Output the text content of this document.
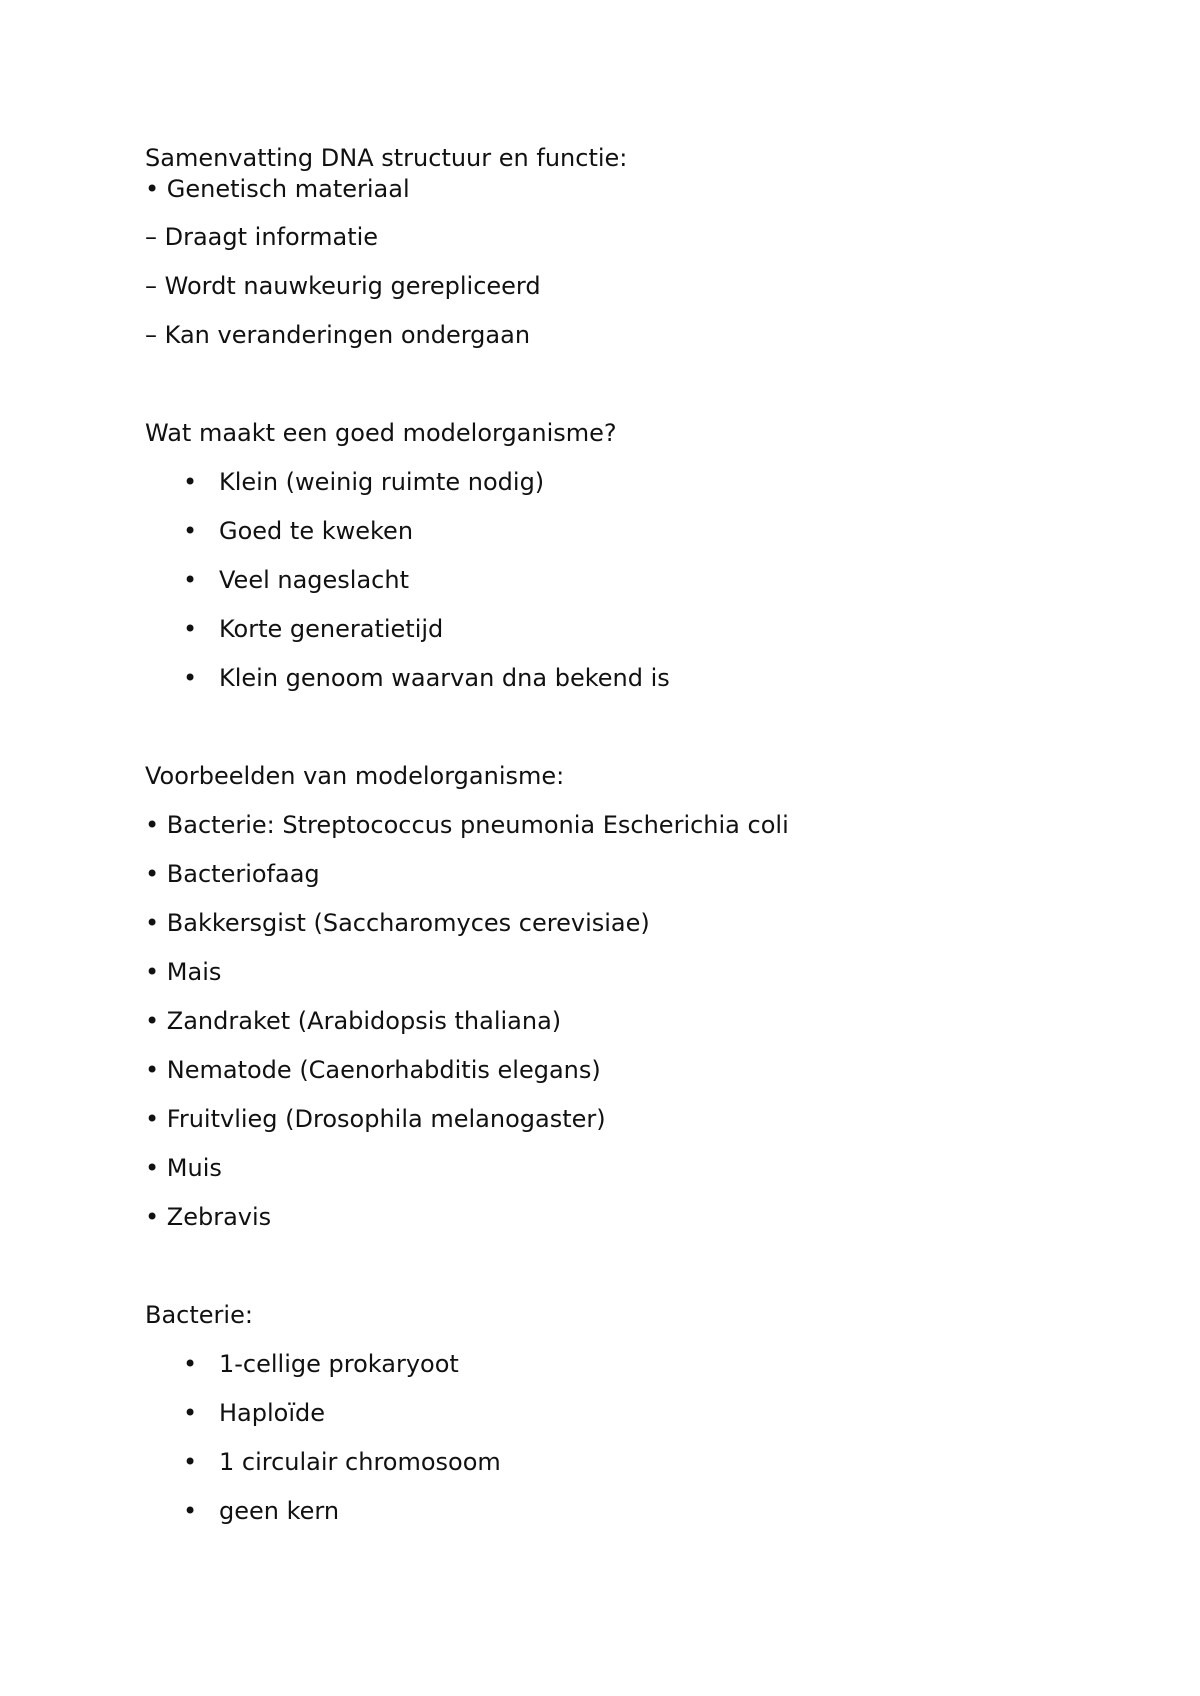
Samenvatting DNA structuur en functie:
• Genetisch materiaal
– Draagt informatie
– Wordt nauwkeurig gerepliceerd
– Kan veranderingen ondergaan
Wat maakt een goed modelorganisme?
• Klein (weinig ruimte nodig)
• Goed te kweken
• Veel nageslacht
• Korte generatietijd
• Klein genoom waarvan dna bekend is
Voorbeelden van modelorganisme:
• Bacterie: Streptococcus pneumonia Escherichia coli
• Bacteriofaag
• Bakkersgist (Saccharomyces cerevisiae)
• Mais
• Zandraket (Arabidopsis thaliana)
• Nematode (Caenorhabditis elegans)
• Fruitvlieg (Drosophila melanogaster)
• Muis
• Zebravis
Bacterie:
• 1-cellige prokaryoot
• Haploïde
• 1 circulair chromosoom
• geen kern
